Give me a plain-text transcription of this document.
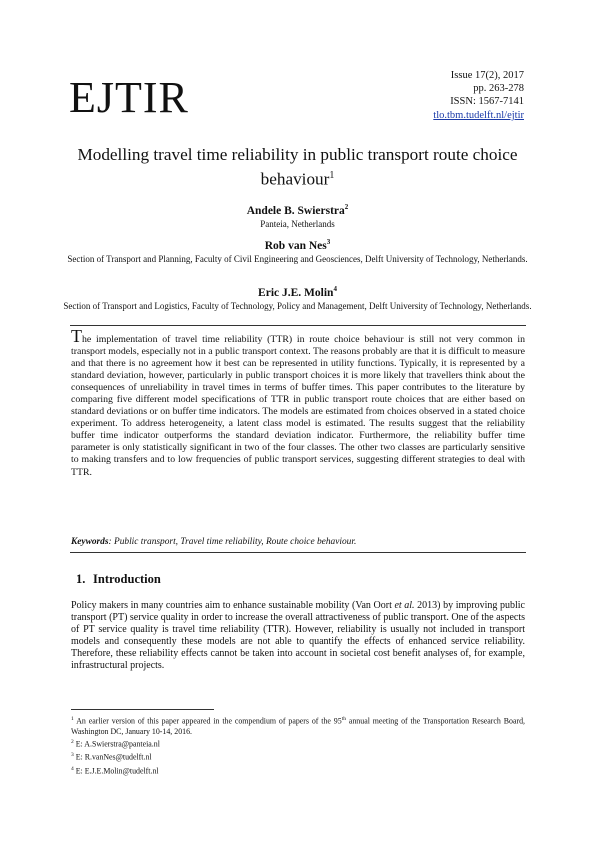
EJTIR	Issue 17(2), 2017
pp. 263-278
ISSN: 1567-7141
tlo.tbm.tudelft.nl/ejtir
Modelling travel time reliability in public transport route choice behaviour$^1$
Andele B. Swierstra$^2$
Panteia, Netherlands
Rob van Nes$^3$
Section of Transport and Planning, Faculty of Civil Engineering and Geosciences, Delft University of Technology, Netherlands.
Eric J.E. Molin$^4$
Section of Transport and Logistics, Faculty of Technology, Policy and Management, Delft University of Technology, Netherlands.
The implementation of travel time reliability (TTR) in route choice behaviour is still not very common in transport models, especially not in a public transport context. The reasons probably are that it is difficult to measure and that there is no agreement how it best can be represented in utility functions. Typically, it is represented by a standard deviation, however, particularly in public transport choices it is more likely that travellers think about the consequences of unreliability in travel times in terms of buffer times. This paper contributes to the literature by comparing five different model specifications of TTR in public transport route choices that are either based on standard deviations or on buffer time indicators. The models are estimated from choices observed in a stated choice experiment. To address heterogeneity, a latent class model is estimated. The results suggest that the reliability buffer time indicator outperforms the standard deviation indicator. Furthermore, the reliability buffer time parameter is only statistically significant in two of the four classes. The other two classes are particularly sensitive to making transfers and to low frequencies of public transport services, suggesting different strategies to deal with TTR.
Keywords: Public transport, Travel time reliability, Route choice behaviour.
1. Introduction
Policy makers in many countries aim to enhance sustainable mobility (Van Oort et al. 2013) by improving public transport (PT) service quality in order to increase the overall attractiveness of public transport. One of the aspects of PT service quality is travel time reliability (TTR). However, reliability is usually not included in transport models and consequently these models are not able to quantify the effects of enhanced service reliability. Therefore, these reliability effects cannot be taken into account in societal cost benefit analyses of, for example, infrastructural projects.
$^1$ An earlier version of this paper appeared in the compendium of papers of the 95th annual meeting of the Transportation Research Board, Washington DC, January 10-14, 2016.
$^2$ E: A.Swierstra@panteia.nl
$^3$ E: R.vanNes@tudelft.nl
$^4$ E: E.J.E.Molin@tudelft.nl
